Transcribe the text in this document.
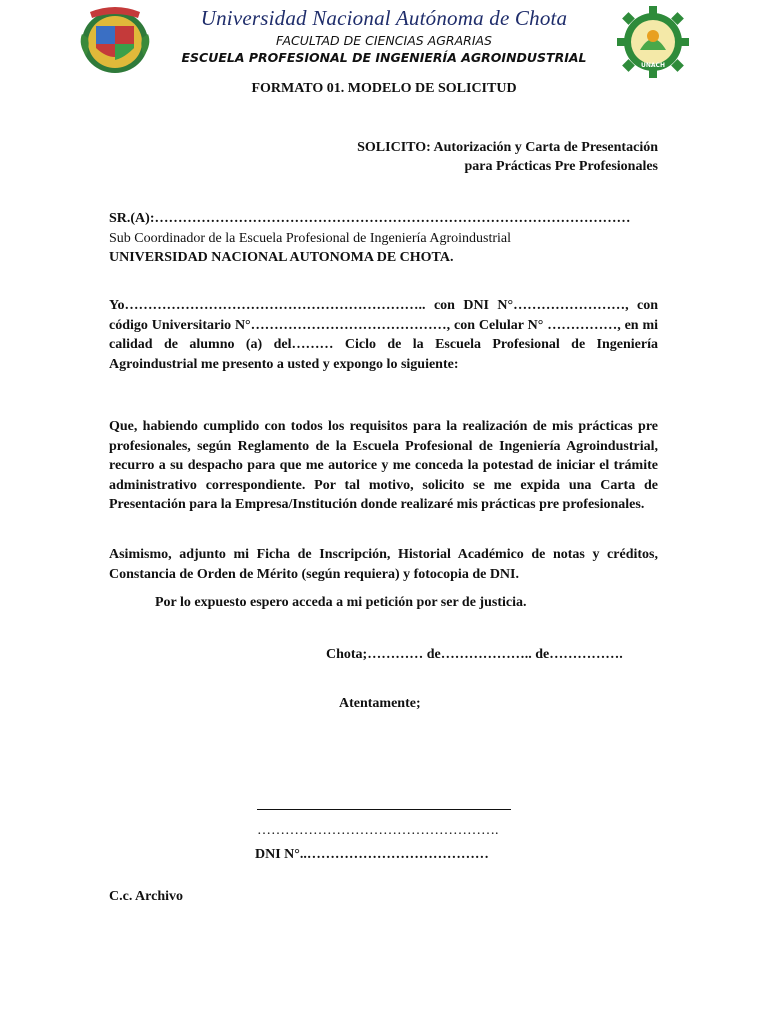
Universidad Nacional Autónoma de Chota
FACULTAD DE CIENCIAS AGRARIAS
ESCUELA PROFESIONAL DE INGENIERÍA AGROINDUSTRIAL
UNACH
FORMATO 01. MODELO DE SOLICITUD
SOLICITO: Autorización y Carta de Presentación
para Prácticas Pre Profesionales
SR.(A):…………………………………………………………………………………………
Sub Coordinador de la Escuela Profesional de Ingeniería Agroindustrial
UNIVERSIDAD NACIONAL AUTONOMA DE CHOTA.

Yo……………………………………………………….. con DNI N°……………………, con código Universitario N°……………………………………, con Celular N° ……………, en mi calidad de alumno (a) del……… Ciclo de la Escuela Profesional de Ingeniería Agroindustrial me presento a usted y expongo lo siguiente:

Que, habiendo cumplido con todos los requisitos para la realización de mis prácticas pre profesionales, según Reglamento de la Escuela Profesional de Ingeniería Agroindustrial, recurro a su despacho para que me autorice y me conceda la potestad de iniciar el trámite administrativo correspondiente. Por tal motivo, solicito se me expida una Carta de Presentación para la Empresa/Institución donde realizaré mis prácticas pre profesionales.

Asimismo, adjunto mi Ficha de Inscripción, Historial Académico de notas y créditos, Constancia de Orden de Mérito (según requiera) y fotocopia de DNI.

Por lo expuesto espero acceda a mi petición por ser de justicia.
Chota;………… de……………….. de…………….
Atentamente;
…………………………………………….
DNI N°..…………………………………
C.c. Archivo
